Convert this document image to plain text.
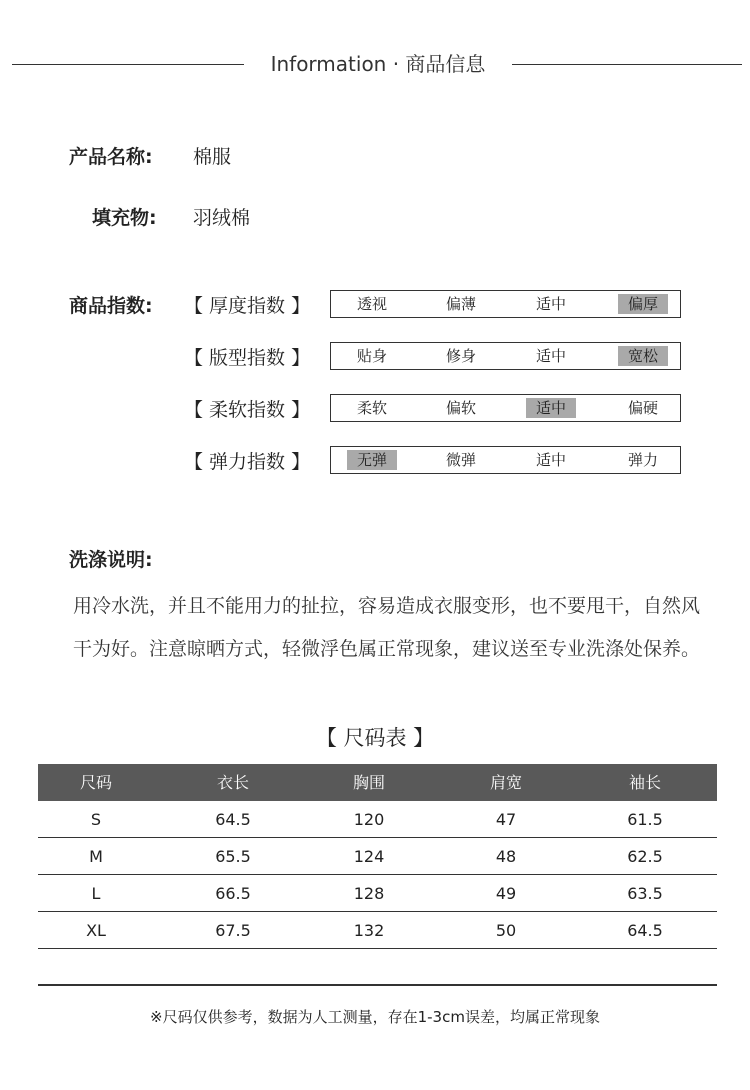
Information · 商品信息
产品名称: 棉服
填充物: 羽绒棉
商品指数: 【 厚度指数 】	透视	偏薄	适中	偏厚
【 版型指数 】	贴身	修身	适中	宽松
【 柔软指数 】	柔软	偏软	适中	偏硬
【 弹力指数 】	无弹	微弹	适中	弹力
洗涤说明:
用冷水洗，并且不能用力的扯拉，容易造成衣服变形，也不要甩干，自然风干为好。注意晾晒方式，轻微浮色属正常现象，建议送至专业洗涤处保养。
【 尺码表 】
尺码	衣长	胸围	肩宽	袖长
S	64.5	120	47	61.5
M	65.5	124	48	62.5
L	66.5	128	49	63.5
XL	67.5	132	50	64.5
※尺码仅供参考，数据为人工测量，存在1-3cm误差，均属正常现象
